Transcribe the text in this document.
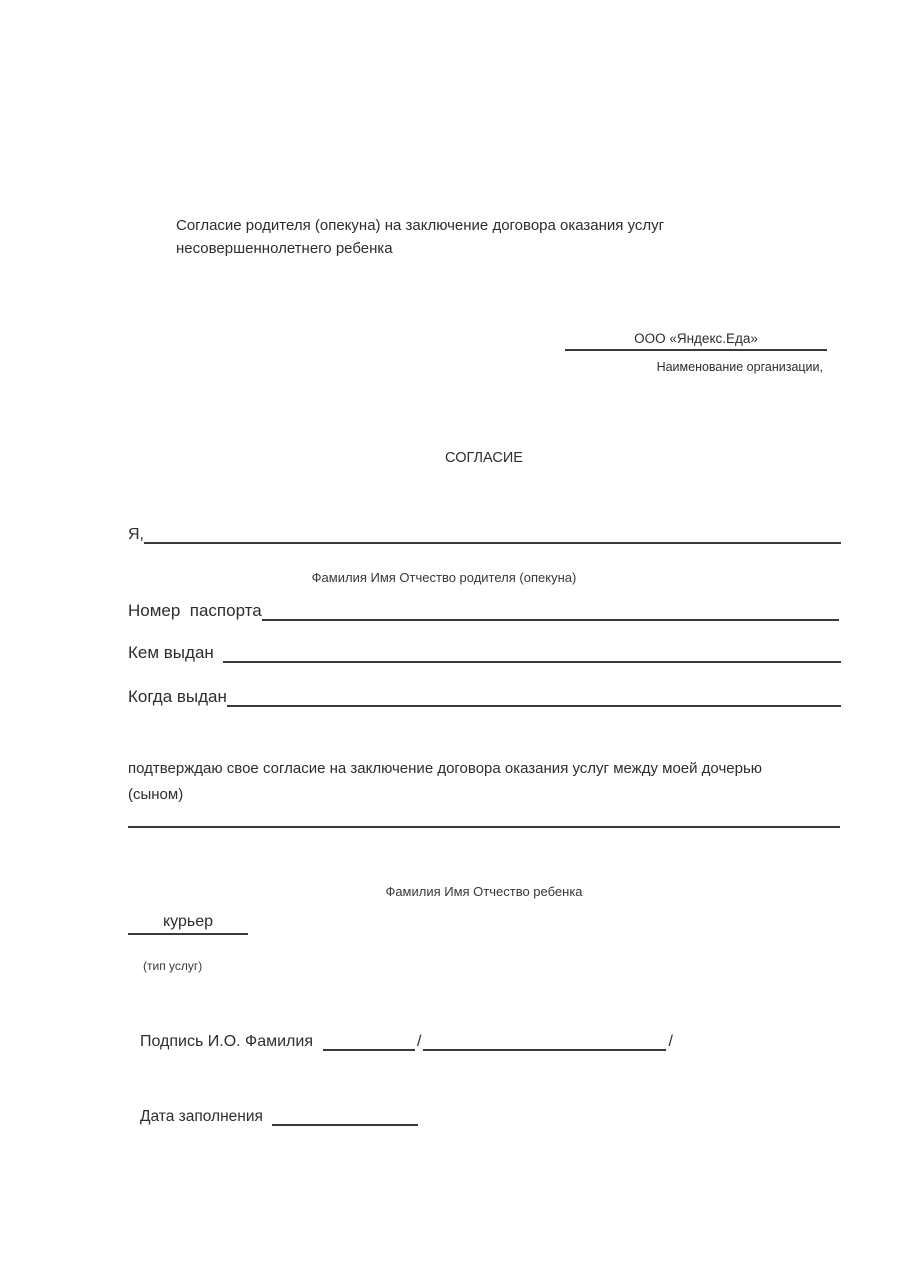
Согласие родителя (опекуна) на заключение договора оказания услуг
несовершеннолетнего ребенка
ООО «Яндекс.Еда»
Наименование организации,
СОГЛАСИЕ
Я,
Фамилия Имя Отчество родителя (опекуна)
Номер  паспорта
Кем выдан
Когда выдан
подтверждаю свое согласие на заключение договора оказания услуг между моей дочерью
(сыном)
Фамилия Имя Отчество ребенка
курьер
(тип услуг)
Подпись И.О. Фамилия	/	/
Дата заполнения
